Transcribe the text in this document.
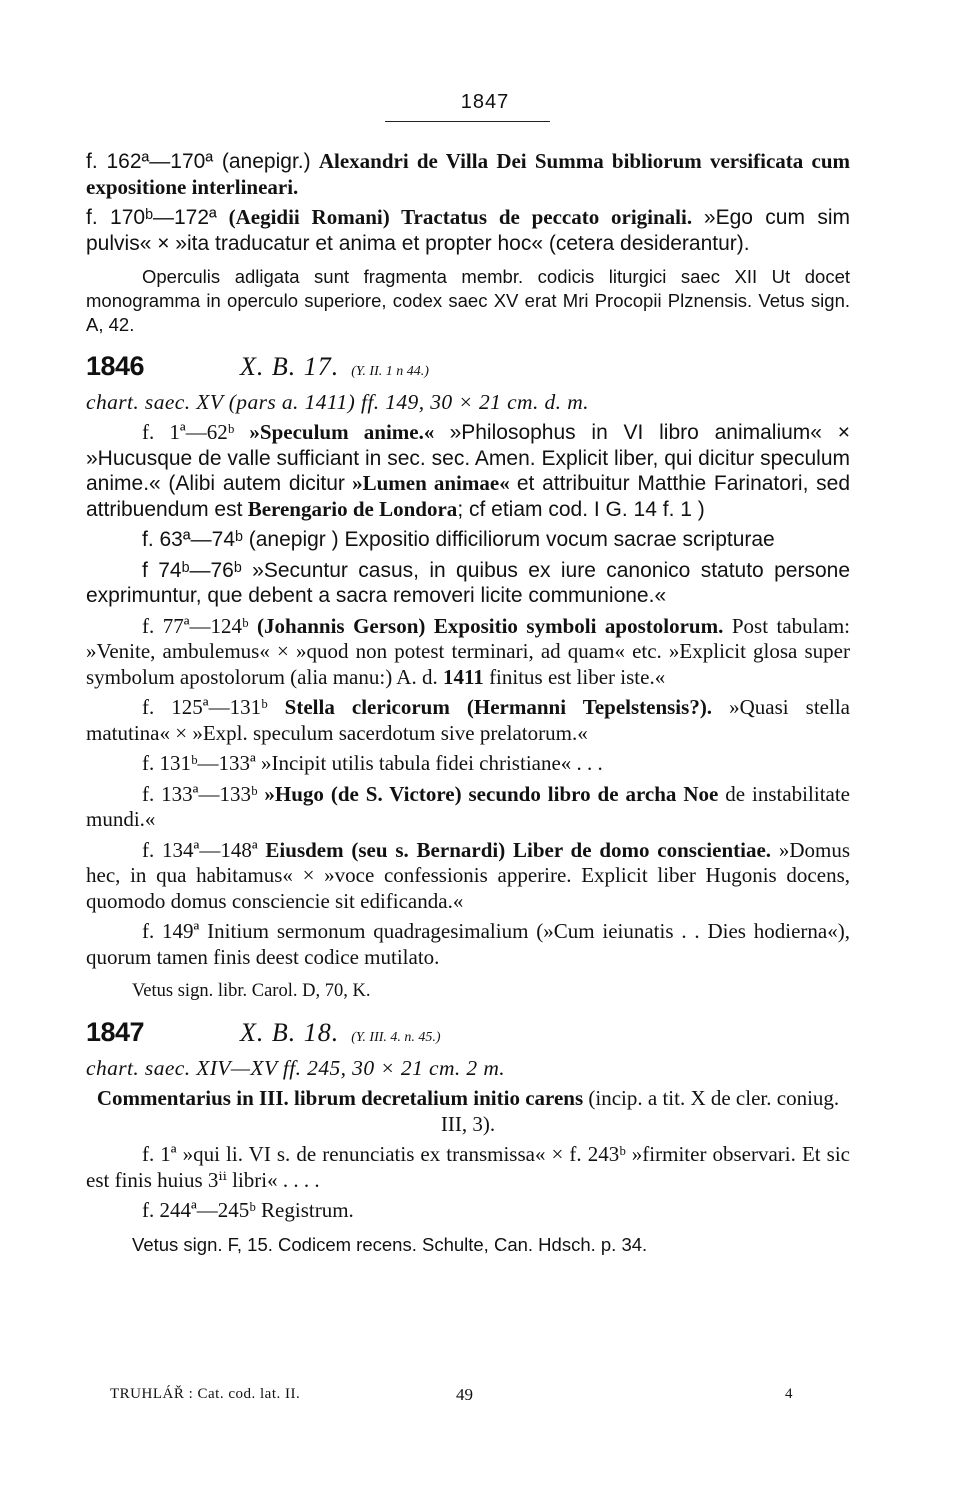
1847

f. 162ª—170ª (anepigr.) Alexandri de Villa Dei Summa bibliorum versificata cum expositione interlineari.

f. 170ᵇ—172ª (Aegidii Romani) Tractatus de peccato originali. »Ego cum sim pulvis« × »ita traducatur et anima et propter hoc« (cetera desiderantur).

Operculis adligata sunt fragmenta membr. codicis liturgici saec XII Ut docet monogramma in operculo superiore, codex saec XV erat Mri Procopii Plznensis. Vetus sign. A, 42.

1846	X. B. 17. (Y. II. 1 n 44.)

chart. saec. XV (pars a. 1411) ff. 149, 30 × 21 cm. d. m.

f. 1ª—62ᵇ »Speculum anime.« »Philosophus in VI libro animalium« × »Hucusque de valle sufficiant in sec. sec. Amen. Explicit liber, qui dicitur speculum anime.« (Alibi autem dicitur »Lumen animae« et attribuitur Matthie Farinatori, sed attribuendum est Berengario de Londora; cf etiam cod. I G. 14 f. 1 )

f. 63ª—74ᵇ (anepigr ) Expositio difficiliorum vocum sacrae scripturae

f 74ᵇ—76ᵇ »Secuntur casus, in quibus ex iure canonico statuto persone exprimuntur, que debent a sacra removeri licite communione.«

f. 77ª—124ᵇ (Johannis Gerson) Expositio symboli apostolorum. Post tabulam: »Venite, ambulemus« × »quod non potest terminari, ad quam« etc. »Explicit glosa super symbolum apostolorum (alia manu:) A. d. 1411 finitus est liber iste.«

f. 125ª—131ᵇ Stella clericorum (Hermanni Tepelstensis?). »Quasi stella matutina« × »Expl. speculum sacerdotum sive prelatorum.«

f. 131ᵇ—133ª »Incipit utilis tabula fidei christiane« . . .

f. 133ª—133ᵇ »Hugo (de S. Victore) secundo libro de archa Noe de instabilitate mundi.«

f. 134ª—148ª Eiusdem (seu s. Bernardi) Liber de domo conscientiae. »Domus hec, in qua habitamus« × »voce confessionis apperire. Explicit liber Hugonis docens, quomodo domus consciencie sit edificanda.«

f. 149ª Initium sermonum quadragesimalium (»Cum ieiunatis . . Dies hodierna«), quorum tamen finis deest codice mutilato.

Vetus sign. libr. Carol. D, 70, K.

1847	X. B. 18. (Y. III. 4. n. 45.)

chart. saec. XIV—XV ff. 245, 30 × 21 cm. 2 m.

Commentarius in III. librum decretalium initio carens (incip. a tit. X de cler. coniug. III, 3).

f. 1ª »qui li. VI s. de renunciatis ex transmissa« × f. 243ᵇ »firmiter observari. Et sic est finis huius 3ⁱⁱ libri« . . . .

f. 244ª—245ᵇ Registrum.

Vetus sign. F, 15. Codicem recens. Schulte, Can. Hdsch. p. 34.

TRUHLÁŘ : Cat. cod. lat. II.	49	4
